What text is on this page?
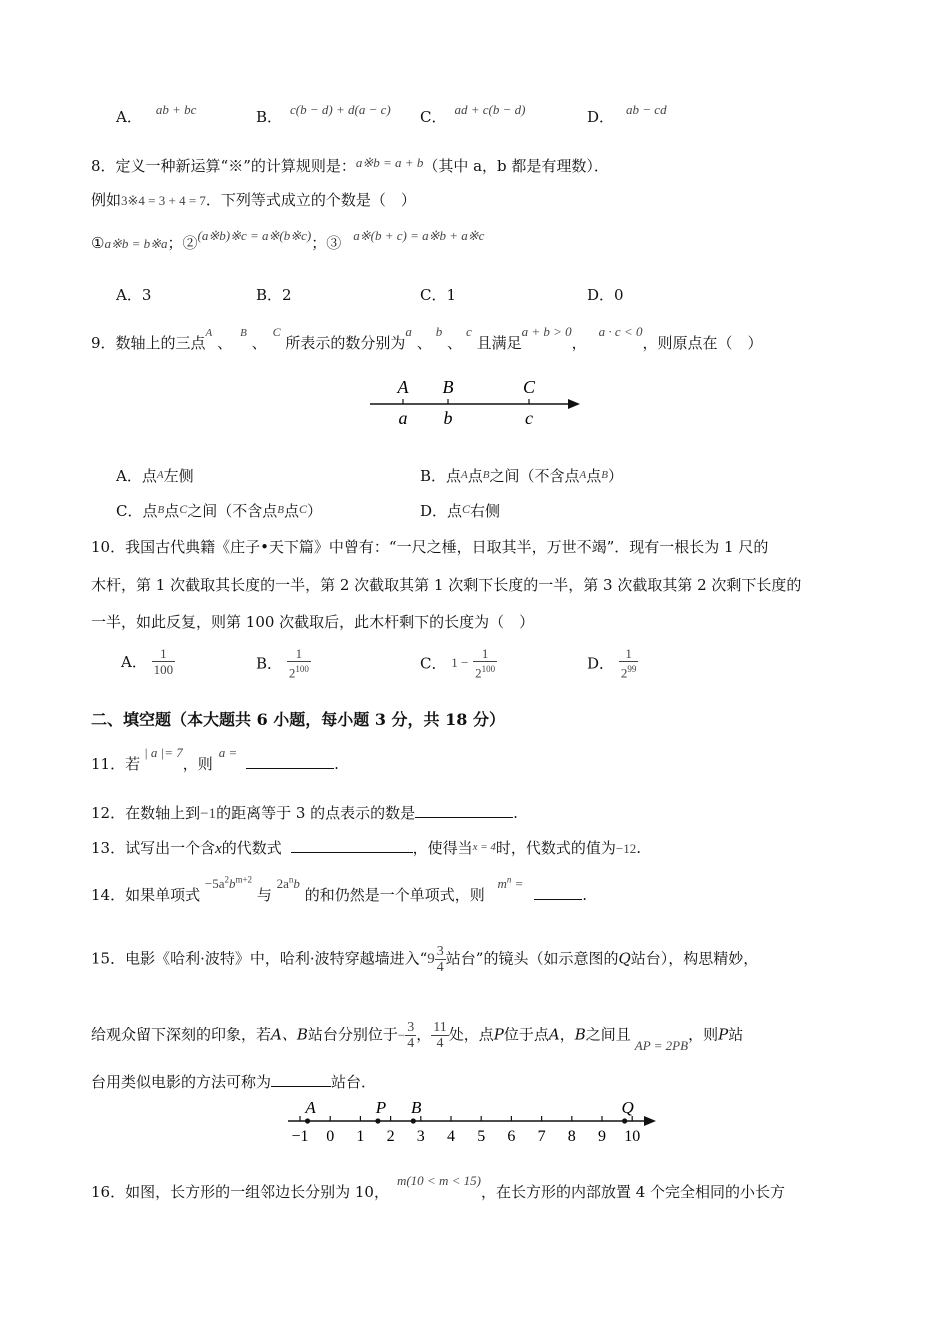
A． ab + bc	B． c(b − d) + d(a − c) C． ad + c(b − d)	D． ab − cd
8．定义一种新运算“※”的计算规则是：a※b = a + b（其中 a，b 都是有理数）．
例如3※4 = 3 + 4 = 7．下列等式成立的个数是（　）
①a※b = b※a；②(a※b)※c = a※(b※c)；③ a※(b + c) = a※b + a※c
A．3	B．2	C．1	D．0
9．数轴上的三点$^A$ 、$^B$ 、$^C$ 所表示的数分别为a 、b 、c 且满足a + b > 0，a · c < 0，则原点在（　）
A B	C
a b	c
A．点$^A$左侧	B．点$^A$点$^B$之间（不含点$^A$点$^B$）
C．点$^B$点$^C$之间（不含点$^B$点$^C$）	D．点$^C$右侧
10．我国古代典籍《庄子•天下篇》中曾有：“一尺之棰，日取其半，万世不竭”．现有一根长为 1 尺的
木杆，第 1 次截取其长度的一半，第 2 次截取其第 1 次剩下长度的一半，第 3 次截取其第 2 次剩下长度的
一半，如此反复，则第 100 次截取后，此木杆剩下的长度为（　）
A． $\frac{1}{100}$	B． $\frac{1}{2^{100}}$	C． $1 - \frac{1}{2^{100}}$	D． $\frac{1}{2^{99}}$
二、填空题（本大题共 6 小题，每小题 3 分，共 18 分）
11．若| a |= 7，则a = .
12．在数轴上到−1的距离等于 3 的点表示的数是	.
13．试写出一个含x的代数式	，使得当$^{x = 4}$时，代数式的值为−12.
14．如果单项式 $-5a^2b^{m+2}$ 与 $2a^nb$ 的和仍然是一个单项式，则 $m^n$ = .
15．电影《哈利·波特》中，哈利·波特穿越墙进入“$9 \frac{3}{4}$ 站台”的镜头（如示意图的Q站台），构思精妙，
给观众留下深刻的印象，若A、B站台分别位于− $\frac{3}{4}$ ， $\frac{11}{4}$ 处，点P位于点A，B之间且AP = 2PB，则P站
台用类似电影的方法可称为	站台．
−1 0 1 2 3 4 5 6 7 8 9 10
A	P B	Q
16．如图，长方形的一组邻边长分别为 10，m(10 < m < 15)，在长方形的内部放置 4 个完全相同的小长方
